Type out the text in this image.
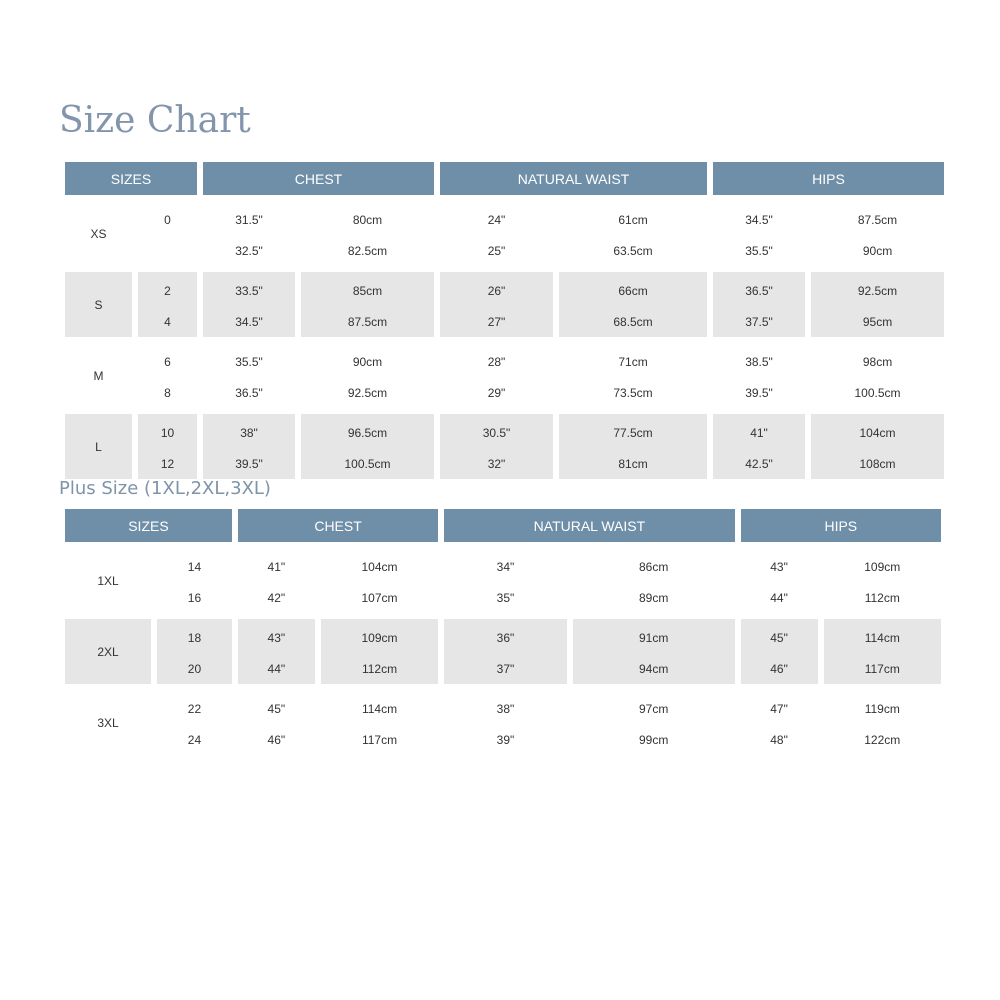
Size Chart
SIZES		CHEST		NATURAL WAIST		HIPS	

XS	0	31.5"	80cm	24"	61cm	34.5"	87.5cm
		32.5"	82.5cm	25"	63.5cm	35.5"	90cm

S	2	33.5"	85cm	26"	66cm	36.5"	92.5cm
	4	34.5"	87.5cm	27"	68.5cm	37.5"	95cm

M	6	35.5"	90cm	28"	71cm	38.5"	98cm
	8	36.5"	92.5cm	29"	73.5cm	39.5"	100.5cm

L	10	38"	96.5cm	30.5"	77.5cm	41"	104cm
	12	39.5"	100.5cm	32"	81cm	42.5"	108cm
Plus Size (1XL,2XL,3XL)
SIZES		CHEST		NATURAL WAIST		HIPS	

1XL	14	41"	104cm	34"	86cm	43"	109cm
	16	42"	107cm	35"	89cm	44"	112cm

2XL	18	43"	109cm	36"	91cm	45"	114cm
	20	44"	112cm	37"	94cm	46"	117cm

3XL	22	45"	114cm	38"	97cm	47"	119cm
	24	46"	117cm	39"	99cm	48"	122cm
